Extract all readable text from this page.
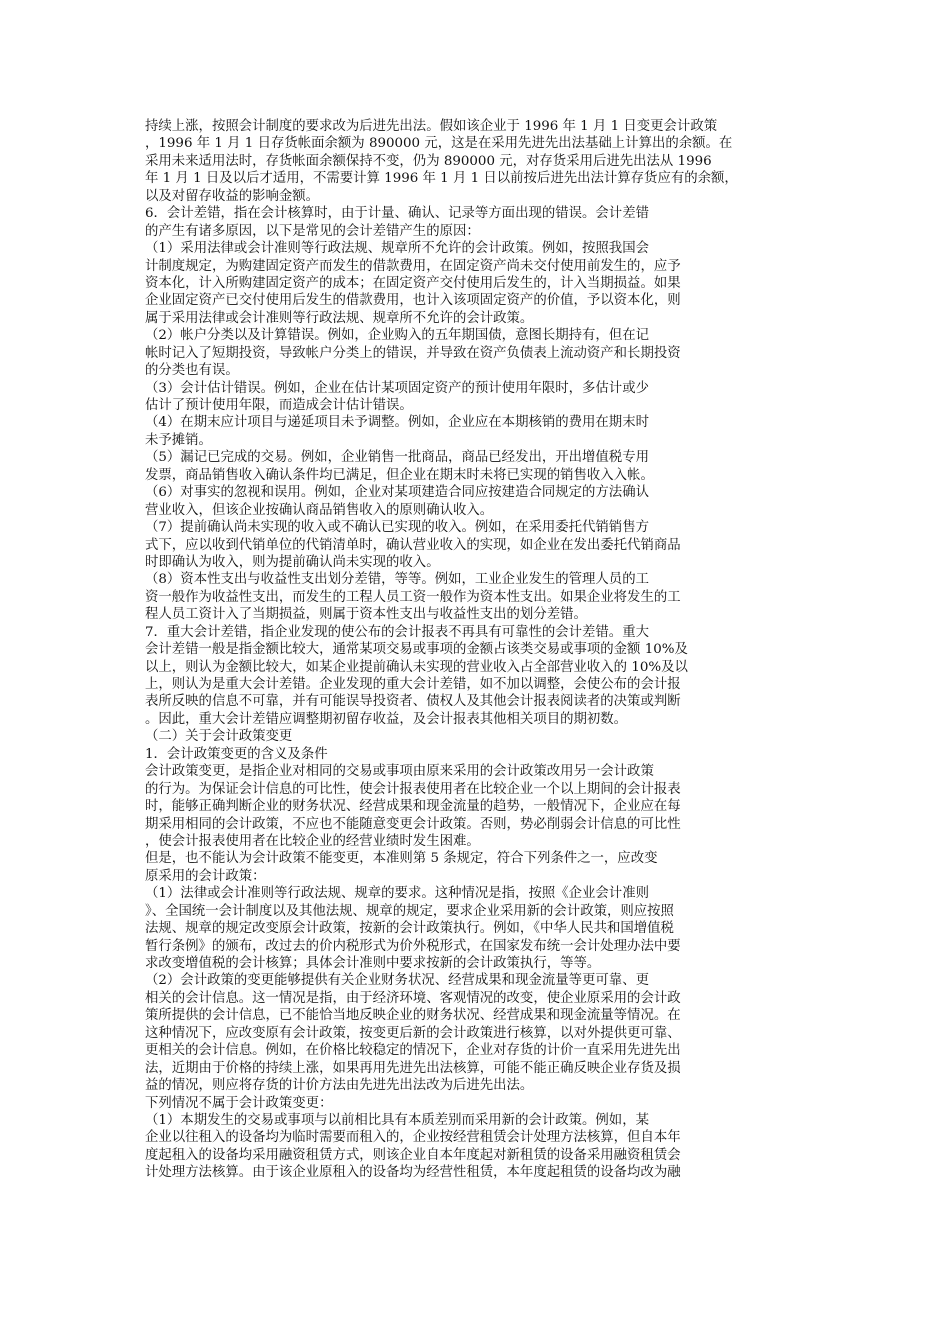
持续上涨，按照会计制度的要求改为后进先出法。假如该企业于 1996 年 1 月 1 日变更会计政策
，1996 年 1 月 1 日存货帐面余额为 890000 元，这是在采用先进先出法基础上计算出的余额。在
采用未来适用法时，存货帐面余额保持不变，仍为 890000 元，对存货采用后进先出法从 1996
年 1 月 1 日及以后才适用，不需要计算 1996 年 1 月 1 日以前按后进先出法计算存货应有的余额，
以及对留存收益的影响金额。
6．会计差错，指在会计核算时，由于计量、确认、记录等方面出现的错误。会计差错
的产生有诸多原因，以下是常见的会计差错产生的原因：
（1）采用法律或会计准则等行政法规、规章所不允许的会计政策。例如，按照我国会
计制度规定，为购建固定资产而发生的借款费用，在固定资产尚未交付使用前发生的，应予
资本化，计入所购建固定资产的成本；在固定资产交付使用后发生的，计入当期损益。如果
企业固定资产已交付使用后发生的借款费用，也计入该项固定资产的价值，予以资本化，则
属于采用法律或会计准则等行政法规、规章所不允许的会计政策。
（2）帐户分类以及计算错误。例如，企业购入的五年期国债，意图长期持有，但在记
帐时记入了短期投资，导致帐户分类上的错误，并导致在资产负债表上流动资产和长期投资
的分类也有误。
（3）会计估计错误。例如，企业在估计某项固定资产的预计使用年限时，多估计或少
估计了预计使用年限，而造成会计估计错误。
（4）在期末应计项目与递延项目未予调整。例如，企业应在本期核销的费用在期末时
未予摊销。
（5）漏记已完成的交易。例如，企业销售一批商品，商品已经发出，开出增值税专用
发票，商品销售收入确认条件均已满足，但企业在期末时未将已实现的销售收入入帐。
（6）对事实的忽视和误用。例如，企业对某项建造合同应按建造合同规定的方法确认
营业收入，但该企业按确认商品销售收入的原则确认收入。
（7）提前确认尚未实现的收入或不确认已实现的收入。例如，在采用委托代销销售方
式下，应以收到代销单位的代销清单时，确认营业收入的实现，如企业在发出委托代销商品
时即确认为收入，则为提前确认尚未实现的收入。
（8）资本性支出与收益性支出划分差错，等等。例如，工业企业发生的管理人员的工
资一般作为收益性支出，而发生的工程人员工资一般作为资本性支出。如果企业将发生的工
程人员工资计入了当期损益，则属于资本性支出与收益性支出的划分差错。
7．重大会计差错，指企业发现的使公布的会计报表不再具有可靠性的会计差错。重大
会计差错一般是指金额比较大，通常某项交易或事项的金额占该类交易或事项的金额 10%及
以上，则认为金额比较大，如某企业提前确认未实现的营业收入占全部营业收入的 10%及以
上，则认为是重大会计差错。企业发现的重大会计差错，如不加以调整，会使公布的会计报
表所反映的信息不可靠，并有可能误导投资者、债权人及其他会计报表阅读者的决策或判断
。因此，重大会计差错应调整期初留存收益，及会计报表其他相关项目的期初数。
（二）关于会计政策变更
1．会计政策变更的含义及条件
会计政策变更，是指企业对相同的交易或事项由原来采用的会计政策改用另一会计政策
的行为。为保证会计信息的可比性，使会计报表使用者在比较企业一个以上期间的会计报表
时，能够正确判断企业的财务状况、经营成果和现金流量的趋势，一般情况下，企业应在每
期采用相同的会计政策，不应也不能随意变更会计政策。否则，势必削弱会计信息的可比性
，使会计报表使用者在比较企业的经营业绩时发生困难。
但是，也不能认为会计政策不能变更，本准则第 5 条规定，符合下列条件之一，应改变
原采用的会计政策：
（1）法律或会计准则等行政法规、规章的要求。这种情况是指，按照《企业会计准则
》、全国统一会计制度以及其他法规、规章的规定，要求企业采用新的会计政策，则应按照
法规、规章的规定改变原会计政策，按新的会计政策执行。例如，《中华人民共和国增值税
暂行条例》的颁布，改过去的价内税形式为价外税形式，在国家发布统一会计处理办法中要
求改变增值税的会计核算；具体会计准则中要求按新的会计政策执行，等等。
（2）会计政策的变更能够提供有关企业财务状况、经营成果和现金流量等更可靠、更
相关的会计信息。这一情况是指，由于经济环境、客观情况的改变，使企业原采用的会计政
策所提供的会计信息，已不能恰当地反映企业的财务状况、经营成果和现金流量等情况。在
这种情况下，应改变原有会计政策，按变更后新的会计政策进行核算，以对外提供更可靠、
更相关的会计信息。例如，在价格比较稳定的情况下，企业对存货的计价一直采用先进先出
法，近期由于价格的持续上涨，如果再用先进先出法核算，可能不能正确反映企业存货及损
益的情况，则应将存货的计价方法由先进先出法改为后进先出法。
下列情况不属于会计政策变更：
（1）本期发生的交易或事项与以前相比具有本质差别而采用新的会计政策。例如，某
企业以往租入的设备均为临时需要而租入的，企业按经营租赁会计处理方法核算，但自本年
度起租入的设备均采用融资租赁方式，则该企业自本年度起对新租赁的设备采用融资租赁会
计处理方法核算。由于该企业原租入的设备均为经营性租赁，本年度起租赁的设备均改为融
